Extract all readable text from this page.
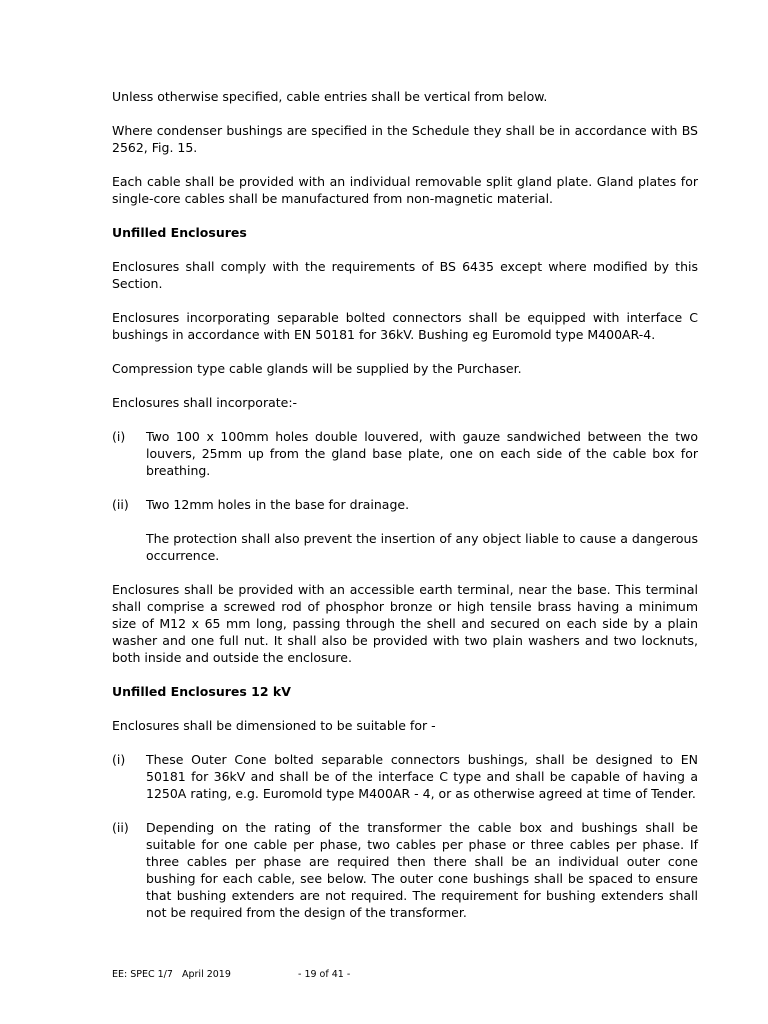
Unless otherwise specified, cable entries shall be vertical from below.

Where condenser bushings are specified in the Schedule they shall be in accordance with BS 2562, Fig. 15.

Each cable shall be provided with an individual removable split gland plate. Gland plates for single-core cables shall be manufactured from non-magnetic material.

Unfilled Enclosures

Enclosures shall comply with the requirements of BS 6435 except where modified by this Section.

Enclosures incorporating separable bolted connectors shall be equipped with interface C bushings in accordance with EN 50181 for 36kV. Bushing eg Euromold type M400AR-4.

Compression type cable glands will be supplied by the Purchaser.

Enclosures shall incorporate:-

(i)	Two 100 x 100mm holes double louvered, with gauze sandwiched between the two louvers, 25mm up from the gland base plate, one on each side of the cable box for breathing.
(ii)	Two 12mm holes in the base for drainage.

The protection shall also prevent the insertion of any object liable to cause a dangerous occurrence.

Enclosures shall be provided with an accessible earth terminal, near the base. This terminal shall comprise a screwed rod of phosphor bronze or high tensile brass having a minimum size of M12 x 65 mm long, passing through the shell and secured on each side by a plain washer and one full nut. It shall also be provided with two plain washers and two locknuts, both inside and outside the enclosure.

Unfilled Enclosures 12 kV

Enclosures shall be dimensioned to be suitable for -

(i)	These Outer Cone bolted separable connectors bushings, shall be designed to EN 50181 for 36kV and shall be of the interface C type and shall be capable of having a 1250A rating, e.g. Euromold type M400AR - 4, or as otherwise agreed at time of Tender.
(ii)	Depending on the rating of the transformer the cable box and bushings shall be suitable for one cable per phase, two cables per phase or three cables per phase. If three cables per phase are required then there shall be an individual outer cone bushing for each cable, see below. The outer cone bushings shall be spaced to ensure that bushing extenders are not required. The requirement for bushing extenders shall not be required from the design of the transformer.
EE: SPEC 1/7   April 2019	- 19 of 41 -
